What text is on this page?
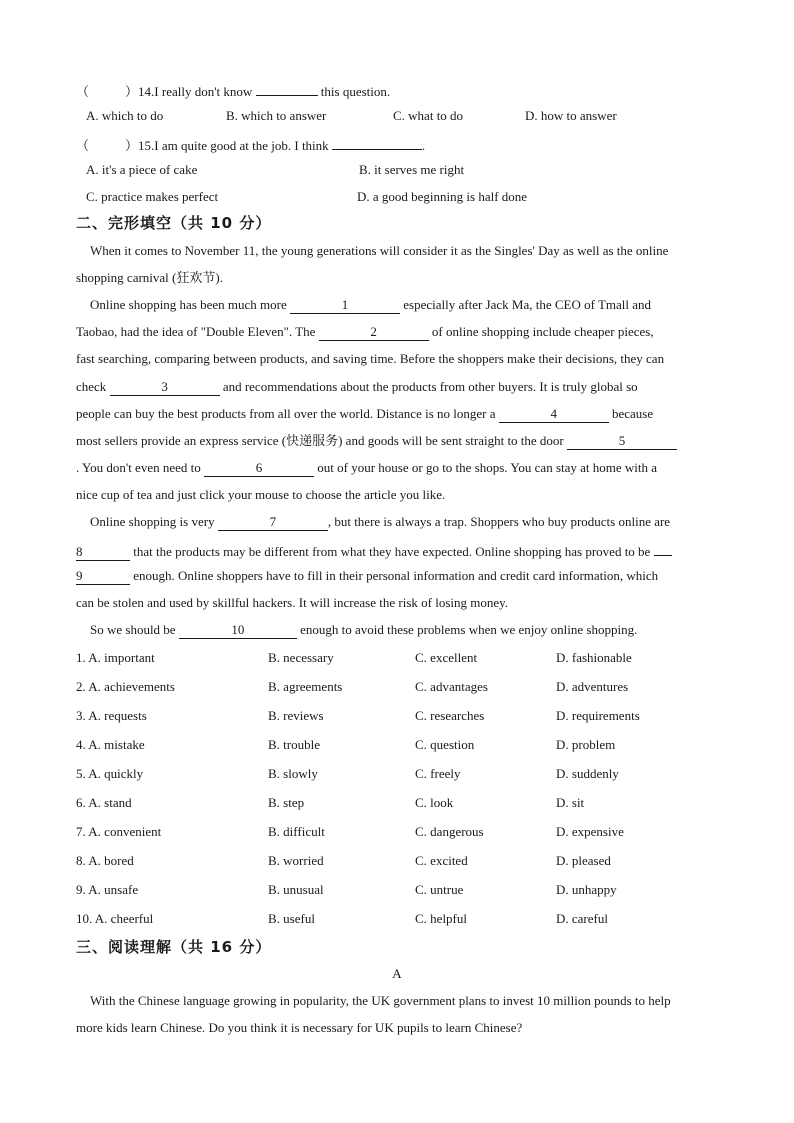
（	）14.I really don't know	this question.
A. which to do	B. which to answer	C. what to do	D. how to answer
（	）15.I am quite good at the job. I think	.
A. it's a piece of cake	B. it serves me right
C. practice makes perfect	D. a good beginning is half done
二、完形填空（共 10 分）
When it comes to November 11, the young generations will consider it as the Singles' Day as well as the online
shopping carnival (狂欢节).
Online shopping has been much more	1	especially after Jack Ma, the CEO of Tmall and
Taobao, had the idea of "Double Eleven". The	2	of online shopping include cheaper pieces,
fast searching, comparing between products, and saving time. Before the shoppers make their decisions, they can
check	3	and recommendations about the products from other buyers. It is truly global so
people can buy the best products from all over the world. Distance is no longer a	4	because
most sellers provide an express service (快递服务) and goods will be sent straight to the door	5
. You don't even need to	6	out of your house or go to the shops. You can stay at home with a
nice cup of tea and just click your mouse to choose the article you like.
Online shopping is very	7	, but there is always a trap. Shoppers who buy products online are
8	that the products may be different from what they have expected. Online shopping has proved to be
9	enough. Online shoppers have to fill in their personal information and credit card information, which
can be stolen and used by skillful hackers. It will increase the risk of losing money.
So we should be	10	enough to avoid these problems when we enjoy online shopping.
1. A. important	B. necessary	C. excellent	D. fashionable
2. A. achievements	B. agreements	C. advantages	D. adventures
3. A. requests	B. reviews	C. researches	D. requirements
4. A. mistake	B. trouble	C. question	D. problem
5. A. quickly	B. slowly	C. freely	D. suddenly
6. A. stand	B. step	C. look	D. sit
7. A. convenient	B. difficult	C. dangerous	D. expensive
8. A. bored	B. worried	C. excited	D. pleased
9. A. unsafe	B. unusual	C. untrue	D. unhappy
10. A. cheerful	B. useful	C. helpful	D. careful
三、阅读理解（共 16 分）
A
With the Chinese language growing in popularity, the UK government plans to invest 10 million pounds to help
more kids learn Chinese. Do you think it is necessary for UK pupils to learn Chinese?
